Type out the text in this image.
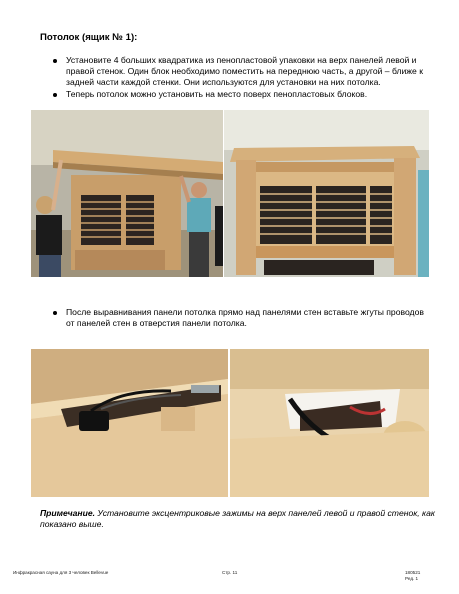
Потолок (ящик № 1):
Установите 4 больших квадратика из пенопластовой упаковки на верх панелей левой и правой стенок. Один блок необходимо поместить на переднюю часть, а другой – ближе к задней части каждой стенки. Они используются для установки на них потолка.
Теперь потолок можно установить на место поверх пенопластовых блоков.
После выравнивания панели потолка прямо над панелями стен вставьте жгуты проводов от панелей стен в отверстия панели потолка.
Примечание. Установите эксцентриковые зажимы на верх панелей левой и правой стенок, как показано выше.
Инфракрасная сауна для 3 человек Bellevue	Стр. 11	180521
Ред. 1
